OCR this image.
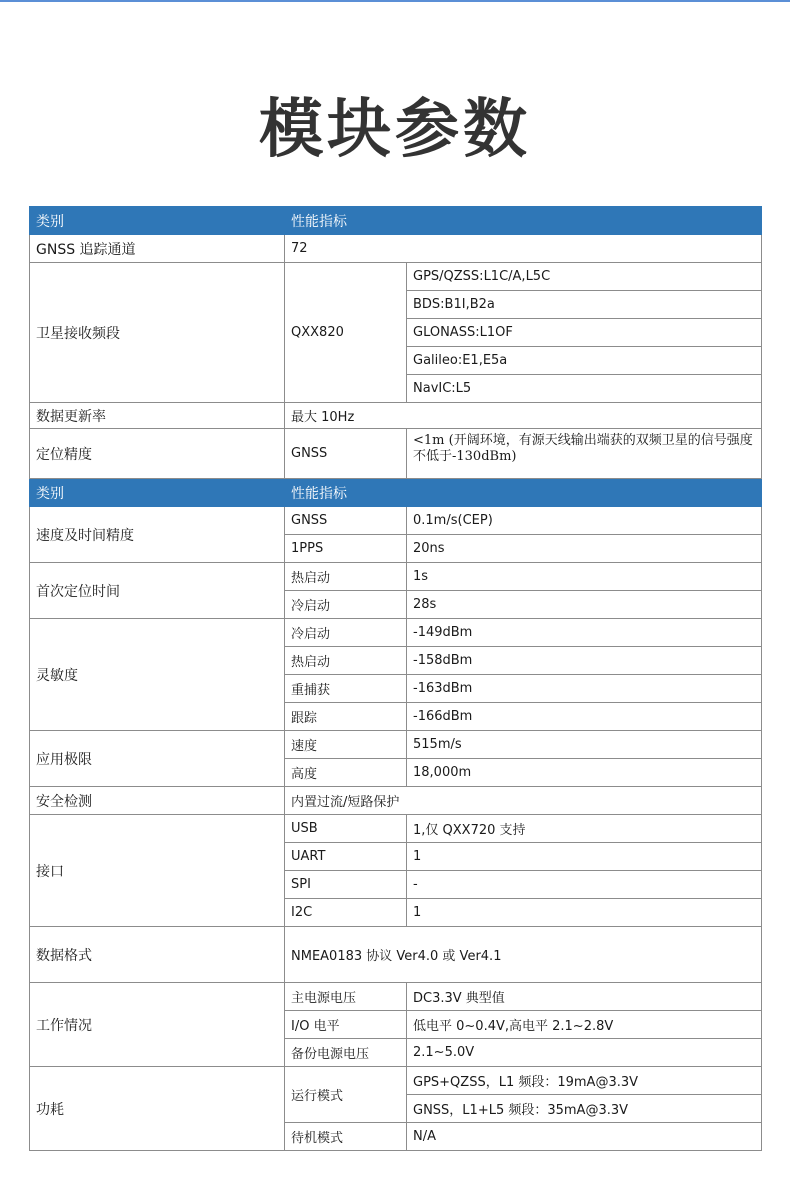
模块参数
类别	性能指标	
GNSS 追踪通道	72	
卫星接收频段	QXX820	GPS/QZSS:L1C/A,L5C
		BDS:B1I,B2a
		GLONASS:L1OF
		Galileo:E1,E5a
		NavIC:L5
数据更新率	最大 10Hz	
定位精度	GNSS	<1m (开阔环境，有源天线输出端获的双频卫星的信号强度不低于-130dBm)
类别	性能指标	
速度及时间精度	GNSS	0.1m/s(CEP)
	1PPS	20ns
首次定位时间	热启动	1s
	冷启动	28s
灵敏度	冷启动	-149dBm
	热启动	-158dBm
	重捕获	-163dBm
	跟踪	-166dBm
应用极限	速度	515m/s
	高度	18,000m
安全检测	内置过流/短路保护	
接口	USB	1,仅 QXX720 支持
	UART	1
	SPI	-
	I2C	1
数据格式	NMEA0183 协议 Ver4.0 或 Ver4.1	
工作情况	主电源电压	DC3.3V 典型值
	I/O 电平	低电平 0~0.4V,高电平 2.1~2.8V
	备份电源电压	2.1~5.0V
功耗	运行模式	GPS+QZSS，L1 频段：19mA@3.3V
		GNSS，L1+L5 频段：35mA@3.3V
	待机模式	N/A
